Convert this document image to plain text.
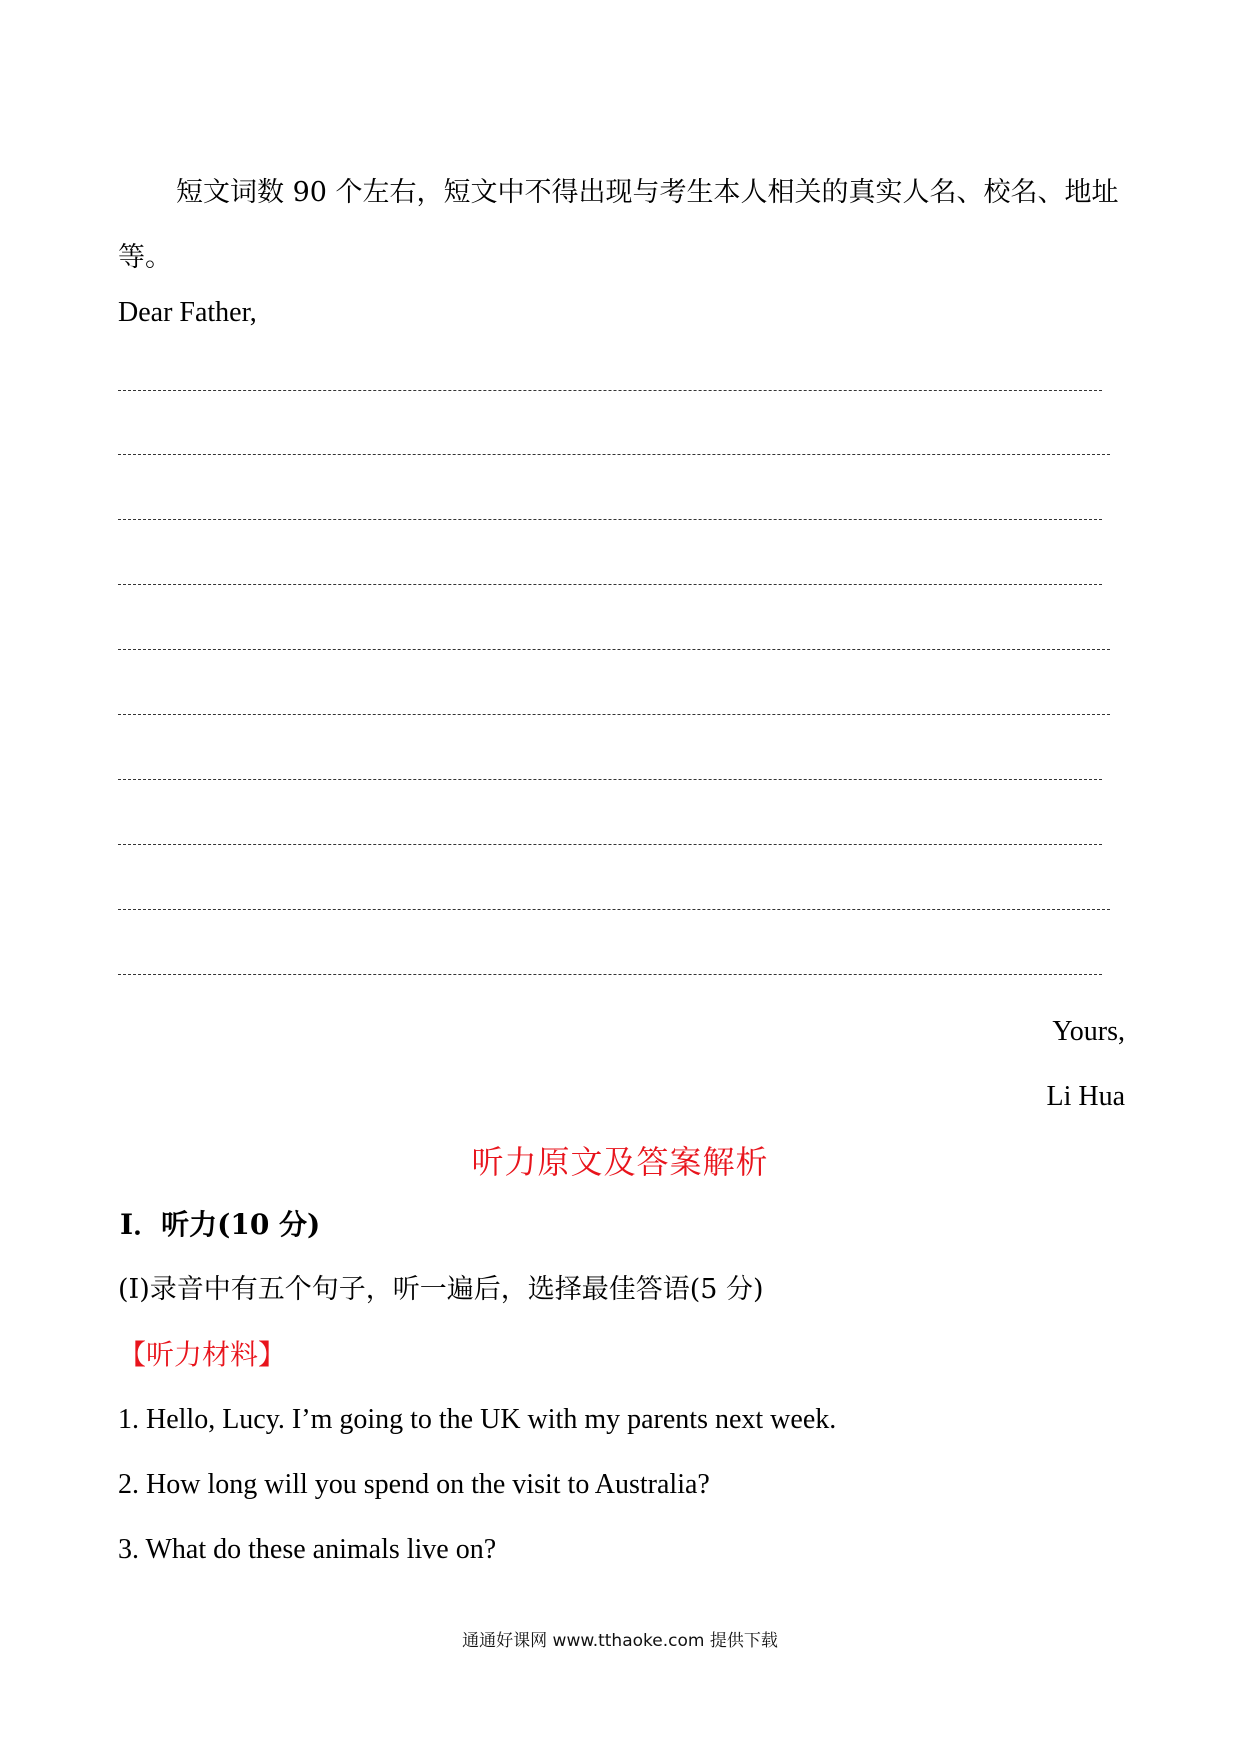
短文词数 90 个左右，短文中不得出现与考生本人相关的真实人名、校名、地址等。
Dear Father,
Yours,
Li Hua
听力原文及答案解析
Ⅰ．听力(10 分)
(Ⅰ)录音中有五个句子，听一遍后，选择最佳答语(5 分)
【听力材料】
1. Hello, Lucy. I’m going to the UK with my parents next week.
2. How long will you spend on the visit to Australia?
3. What do these animals live on?
通通好课网 www.tthaoke.com 提供下载
